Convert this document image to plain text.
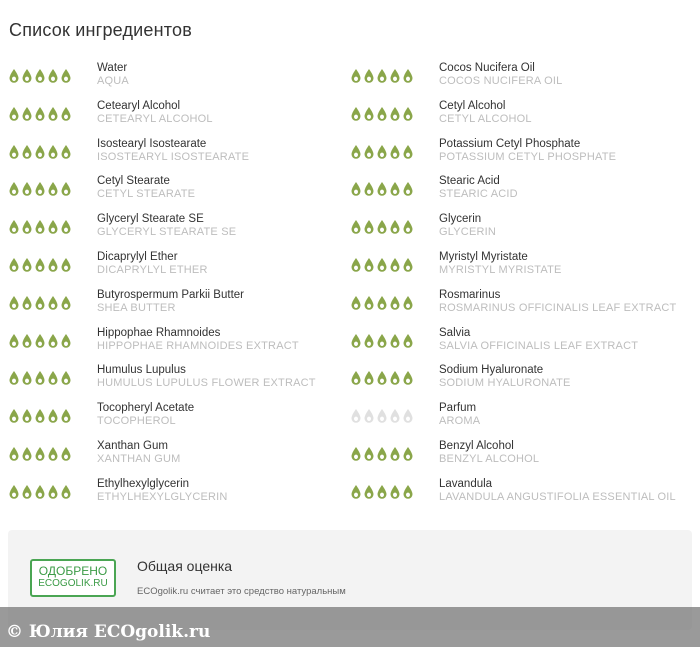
Список ингредиентов
Water
AQUA
Cetearyl Alcohol
CETEARYL ALCOHOL
Isostearyl Isostearate
ISOSTEARYL ISOSTEARATE
Cetyl Stearate
CETYL STEARATE
Glyceryl Stearate SE
GLYCERYL STEARATE SE
Dicaprylyl Ether
DICAPRYLYL ETHER
Butyrospermum Parkii Butter
SHEA BUTTER
Hippophae Rhamnoides
HIPPOPHAE RHAMNOIDES EXTRACT
Humulus Lupulus
HUMULUS LUPULUS FLOWER EXTRACT
Tocopheryl Acetate
TOCOPHEROL
Xanthan Gum
XANTHAN GUM
Ethylhexylglycerin
ETHYLHEXYLGLYCERIN
Cocos Nucifera Oil
COCOS NUCIFERA OIL
Cetyl Alcohol
CETYL ALCOHOL
Potassium Cetyl Phosphate
POTASSIUM CETYL PHOSPHATE
Stearic Acid
STEARIC ACID
Glycerin
GLYCERIN
Myristyl Myristate
MYRISTYL MYRISTATE
Rosmarinus
ROSMARINUS OFFICINALIS LEAF EXTRACT
Salvia
SALVIA OFFICINALIS LEAF EXTRACT
Sodium Hyaluronate
SODIUM HYALURONATE
Parfum
AROMA
Benzyl Alcohol
BENZYL ALCOHOL
Lavandula
LAVANDULA ANGUSTIFOLIA ESSENTIAL OIL
ОДОБРЕНО
ECOGOLIK.RU
Общая оценка
ECOgolik.ru считает это средство натуральным
© Юлия ECOgolik.ru
